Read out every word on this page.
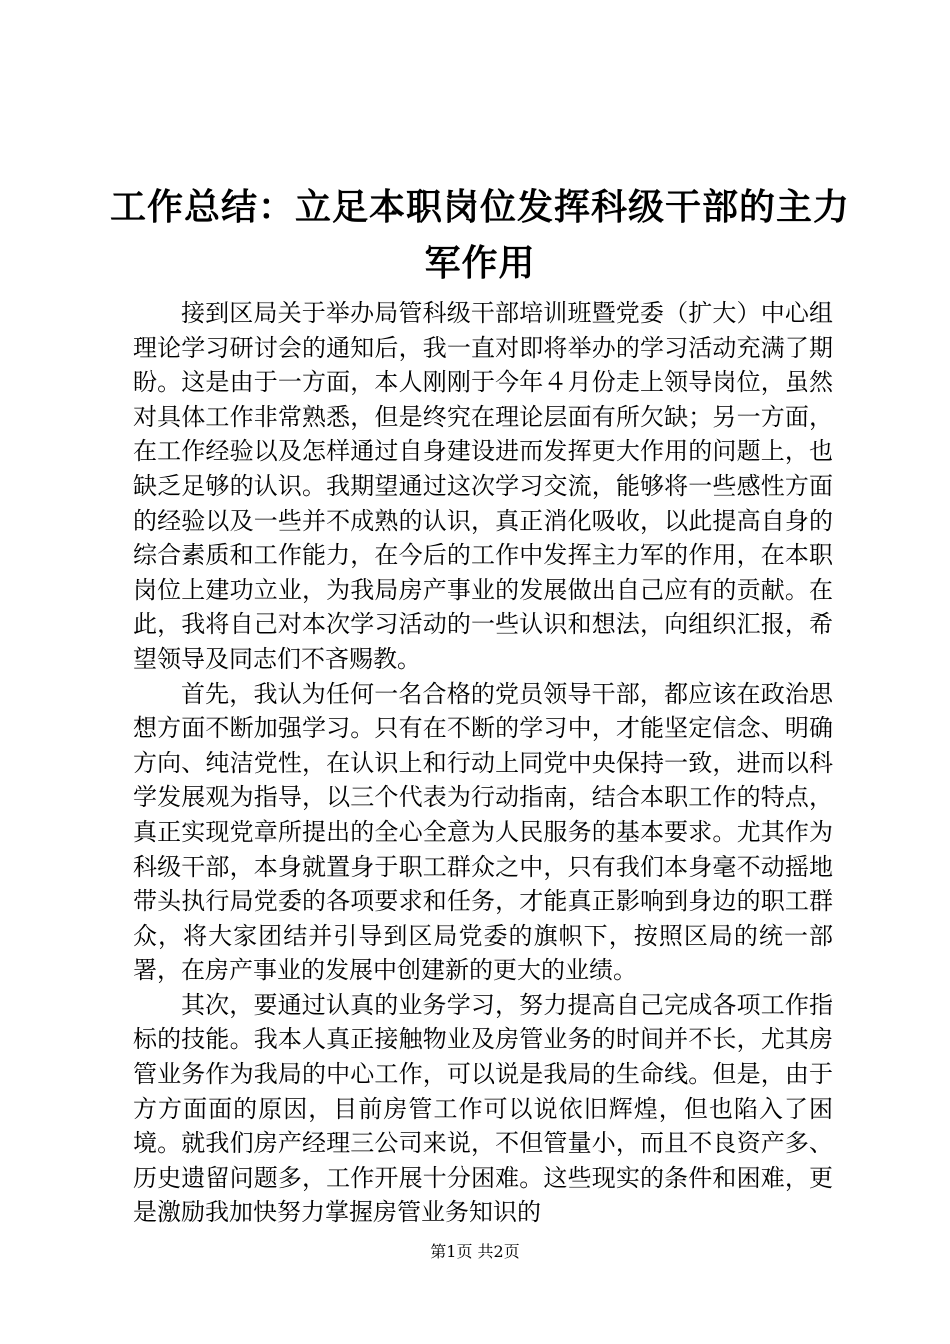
工作总结：立足本职岗位发挥科级干部的主力军作用

接到区局关于举办局管科级干部培训班暨党委（扩大）中心组理论学习研讨会的通知后，我一直对即将举办的学习活动充满了期盼。这是由于一方面，本人刚刚于今年４月份走上领导岗位，虽然对具体工作非常熟悉，但是终究在理论层面有所欠缺；另一方面，在工作经验以及怎样通过自身建设进而发挥更大作用的问题上，也缺乏足够的认识。我期望通过这次学习交流，能够将一些感性方面的经验以及一些并不成熟的认识，真正消化吸收，以此提高自身的综合素质和工作能力，在今后的工作中发挥主力军的作用，在本职岗位上建功立业，为我局房产事业的发展做出自己应有的贡献。在此，我将自己对本次学习活动的一些认识和想法，向组织汇报，希望领导及同志们不吝赐教。

首先，我认为任何一名合格的党员领导干部，都应该在政治思想方面不断加强学习。只有在不断的学习中，才能坚定信念、明确方向、纯洁党性，在认识上和行动上同党中央保持一致，进而以科学发展观为指导，以三个代表为行动指南，结合本职工作的特点，真正实现党章所提出的全心全意为人民服务的基本要求。尤其作为科级干部，本身就置身于职工群众之中，只有我们本身毫不动摇地带头执行局党委的各项要求和任务，才能真正影响到身边的职工群众，将大家团结并引导到区局党委的旗帜下，按照区局的统一部署，在房产事业的发展中创建新的更大的业绩。

其次，要通过认真的业务学习，努力提高自己完成各项工作指标的技能。我本人真正接触物业及房管业务的时间并不长，尤其房管业务作为我局的中心工作，可以说是我局的生命线。但是，由于方方面面的原因，目前房管工作可以说依旧辉煌，但也陷入了困境。就我们房产经理三公司来说，不但管量小，而且不良资产多、历史遗留问题多，工作开展十分困难。这些现实的条件和困难，更是激励我加快努力掌握房管业务知识的

第1页 共2页
